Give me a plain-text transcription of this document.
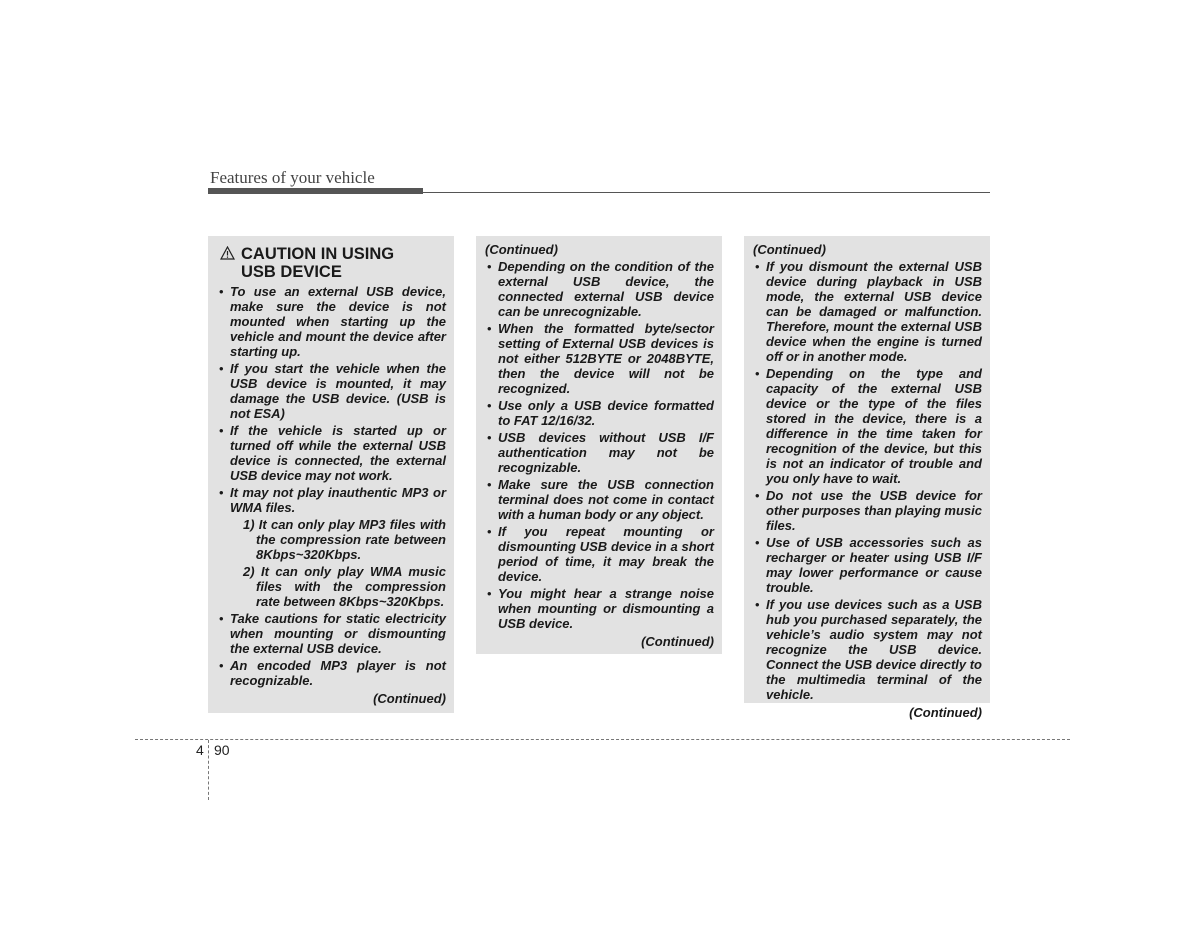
Features of your vehicle
CAUTION IN USING
USB DEVICE
• To use an external USB device, make sure the device is not mounted when starting up the vehicle and mount the device after starting up.
• If you start the vehicle when the USB device is mounted, it may damage the USB device. (USB is not ESA)
• If the vehicle is started up or turned off while the external USB device is connected, the external USB device may not work.
• It may not play inauthentic MP3 or WMA files.
1) It can only play MP3 files with the compression rate between 8Kbps~320Kbps.
2) It can only play WMA music files with the compression rate between 8Kbps~320Kbps.
• Take cautions for static electricity when mounting or dismounting the external USB device.
• An encoded MP3 player is not recognizable.
(Continued)
(Continued)
• Depending on the condition of the external USB device, the connected external USB device can be unrecognizable.
• When the formatted byte/sector setting of External USB devices is not either 512BYTE or 2048BYTE, then the device will not be recognized.
• Use only a USB device formatted to FAT 12/16/32.
• USB devices without USB I/F authentication may not be recognizable.
• Make sure the USB connection terminal does not come in contact with a human body or any object.
• If you repeat mounting or dismounting USB device in a short period of time, it may break the device.
• You might hear a strange noise when mounting or dismounting a USB device.
(Continued)
(Continued)
• If you dismount the external USB device during playback in USB mode, the external USB device can be damaged or malfunction. Therefore, mount the external USB device when the engine is turned off or in another mode.
• Depending on the type and capacity of the external USB device or the type of the files stored in the device, there is a difference in the time taken for recognition of the device, but this is not an indicator of trouble and you only have to wait.
• Do not use the USB device for other purposes than playing music files.
• Use of USB accessories such as recharger or heater using USB I/F may lower performance or cause trouble.
• If you use devices such as a USB hub you purchased separately, the vehicle’s audio system may not recognize the USB device. Connect the USB device directly to the multimedia terminal of the vehicle.
(Continued)
4 90
